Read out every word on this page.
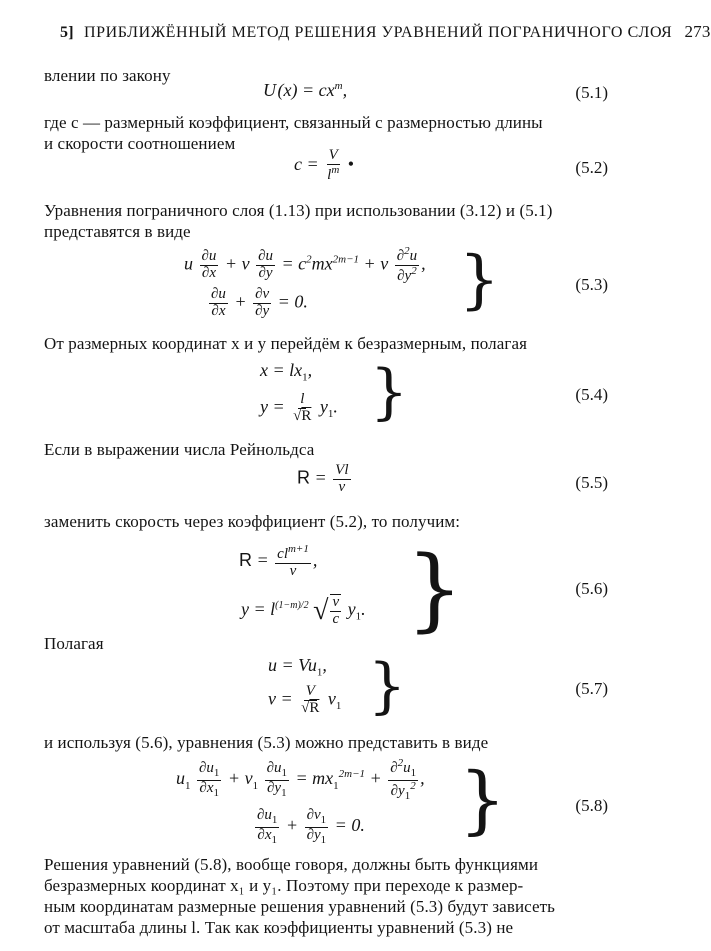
5] ПРИБЛИЖЁННЫЙ МЕТОД РЕШЕНИЯ УРАВНЕНИЙ ПОГРАНИЧНОГО СЛОЯ 273
влении по закону
U $(x) = cx^m$,	(5.1)
где c — размерный коэффициент, связанный с размерностью длины
и скорости соотношением
$c = \frac{V}{l^m}$ •	(5.2)
Уравнения пограничного слоя (1.13) при использовании (3.12) и (5.1)
представятся в виде
u $\frac{\partial u}{\partial x} + v \frac{\partial u}{\partial y} = c^2mx^{2m-1} + \nu \frac{\partial^2u}{\partial y^2}$ ,
$\frac{\partial u}{\partial x} + \frac{\partial v}{\partial y} = 0$. }	(5.3)
От размерных координат x и y перейдём к безразмерным, полагая
$x = lx_1$,
$y = \frac{l}{√R} y_1$. }	(5.4)
Если в выражении числа Рейнольдса
$R = \frac{Vl}{\nu}$	(5.5)
заменить скорость через коэффициент (5.2), то получим:
$R = \frac{cl^{m+1}}{\nu}$ ,
$y = l^{(1-m)/2}$ √ $\frac{\nu}{c} y_1$. }	(5.6)
Полагая
$u = Vu_1$,
$v = \frac{V}{√R} v_1$ }	(5.7)
и используя (5.6), уравнения (5.3) можно представить в виде
$u_1 \frac{\partial u_1}{\partial x_1} + v_1 \frac{\partial u_1}{\partial y_1} = mx_1^{2m-1} + \frac{\partial^2u_1}{\partial y_1^2}$ ,
$\frac{\partial u_1}{\partial x_1} + \frac{\partial v_1}{\partial y_1} = 0$. }	(5.8)
Решения уравнений (5.8), вообще говоря, должны быть функциями
безразмерных координат x₁ и y₁. Поэтому при переходе к размер-
ным координатам размерные решения уравнений (5.3) будут зависеть
от масштаба длины l. Так как коэффициенты уравнений (5.3) не
